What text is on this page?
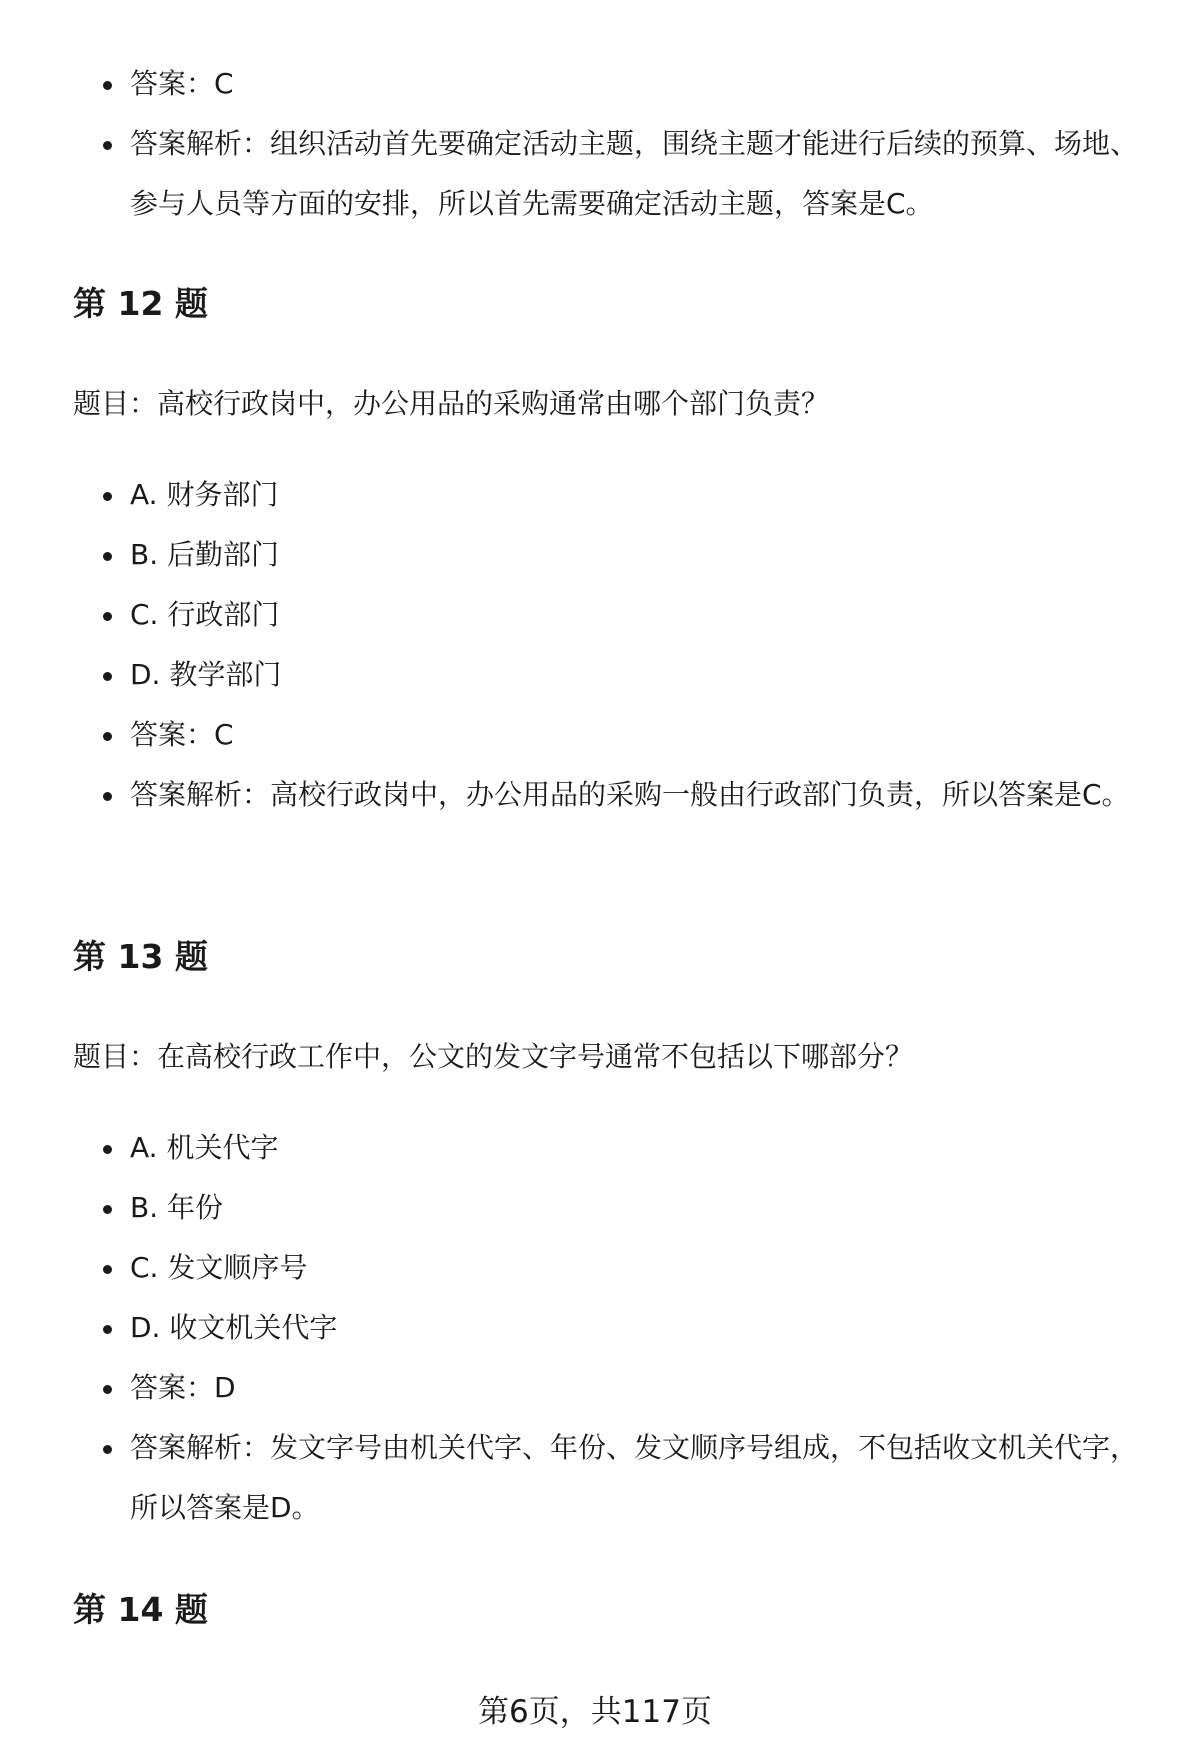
答案：C
答案解析：组织活动首先要确定活动主题，围绕主题才能进行后续的预算、场地、参与人员等方面的安排，所以首先需要确定活动主题，答案是C。
第 12 题

题目：高校行政岗中，办公用品的采购通常由哪个部门负责？

A. 财务部门
B. 后勤部门
C. 行政部门
D. 教学部门
答案：C
答案解析：高校行政岗中，办公用品的采购一般由行政部门负责，所以答案是C。
第 13 题

题目：在高校行政工作中，公文的发文字号通常不包括以下哪部分？

A. 机关代字
B. 年份
C. 发文顺序号
D. 收文机关代字
答案：D
答案解析：发文字号由机关代字、年份、发文顺序号组成，不包括收文机关代字，所以答案是D。
第 14 题
第6页，共117页
